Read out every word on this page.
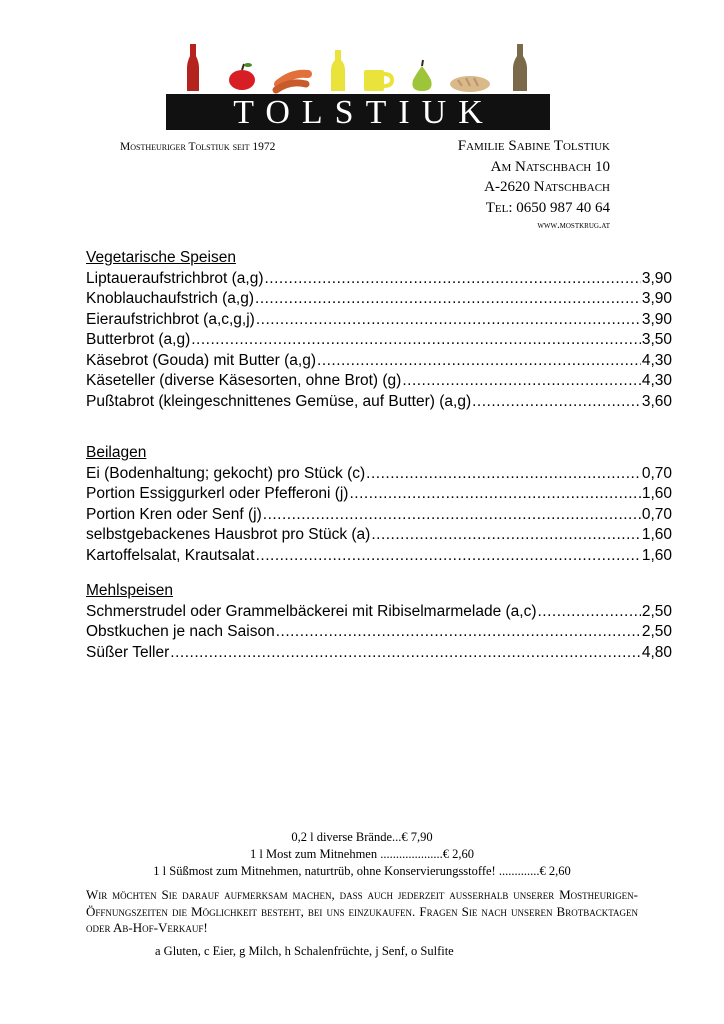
TOLSTIUK
Mostheuriger Tolstiuk seit 1972	Familie Sabine Tolstiuk
Am Natschbach 10
A-2620 Natschbach
Tel: 0650 987 40 64
www.mostkrug.at
Vegetarische Speisen
Liptaueraufstrichbrot (a,g) .....	3,90
Knoblauchaufstrich (a,g) .....	3,90
Eieraufstrichbrot (a,c,g,j) .....	3,90
Butterbrot (a,g) .....	3,50
Käsebrot (Gouda) mit Butter (a,g) .....	4,30
Käseteller (diverse Käsesorten, ohne Brot) (g) .....	4,30
Pußtabrot (kleingeschnittenes Gemüse, auf Butter) (a,g) .....	3,60
Beilagen
Ei (Bodenhaltung; gekocht) pro Stück (c) .....	0,70
Portion Essiggurkerl oder Pfefferoni (j) .....	1,60
Portion Kren oder Senf (j) .....	0,70
selbstgebackenes Hausbrot pro Stück (a) .....	1,60
Kartoffelsalat, Krautsalat .....	1,60
Mehlspeisen
Schmerstrudel oder Grammelbäckerei mit Ribiselmarmelade (a,c) .....	2,50
Obstkuchen je nach Saison .....	2,50
Süßer Teller .....	4,80
0,2 l diverse Brände...€ 7,90
1 l Most zum Mitnehmen ....................€ 2,60
1 l Süßmost zum Mitnehmen, naturtrüb, ohne Konservierungsstoffe! .............€ 2,60
Wir möchten Sie darauf aufmerksam machen, dass auch jederzeit ausserhalb unserer Mostheurigen-Öffnungszeiten die Möglichkeit besteht, bei uns einzukaufen. Fragen Sie nach unseren Brotbacktagen oder Ab-Hof-Verkauf!
a Gluten, c Eier, g Milch, h Schalenfrüchte, j Senf, o Sulfite
